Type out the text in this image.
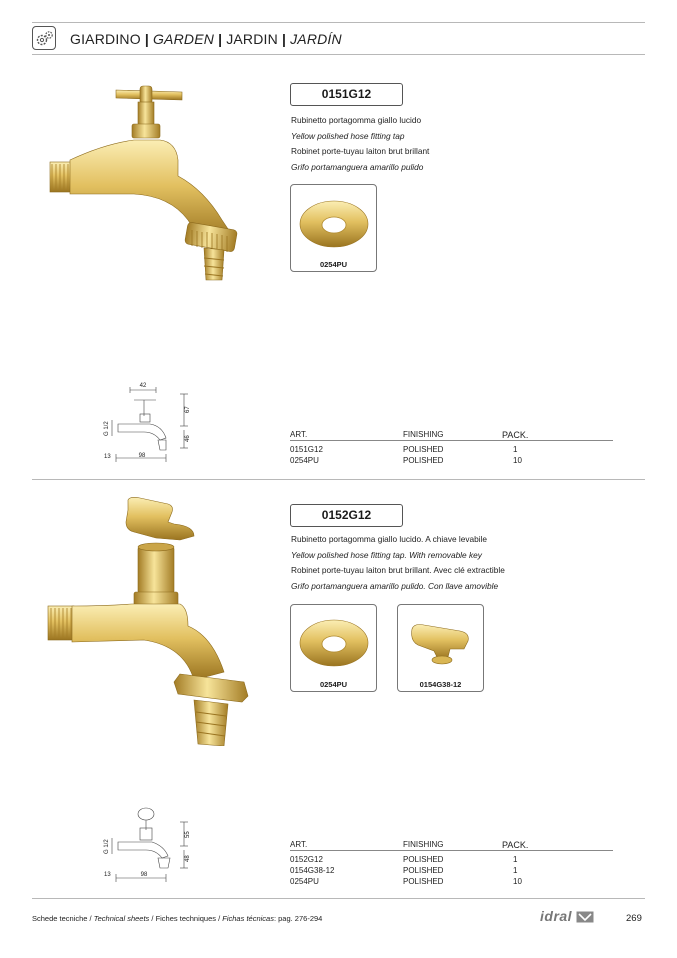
GIARDINO | GARDEN | JARDIN | JARDÍN
0151G12
Rubinetto portagomma giallo lucido
Yellow polished hose fitting tap
Robinet porte-tuyau laiton brut brillant
Grifo portamanguera amarillo pulido
0254PU
42
67
46
G 1/2
13	98
ART.	FINISHING	PACK.
0151G12	POLISHED	1
0254PU	POLISHED	10
0152G12
Rubinetto portagomma giallo lucido. A chiave levabile
Yellow polished hose fitting tap. With removable key
Robinet porte-tuyau laiton brut brillant. Avec clé extractible
Grifo portamanguera amarillo pulido. Con llave amovible
0254PU	0154G38-12
55
48
G 1/2
13	98
ART.	FINISHING	PACK.
0152G12	POLISHED	1
0154G38-12	POLISHED	1
0254PU	POLISHED	10
Schede tecniche / Technical sheets / Fiches techniques / Fichas técnicas: pag. 276-294	idral	269
